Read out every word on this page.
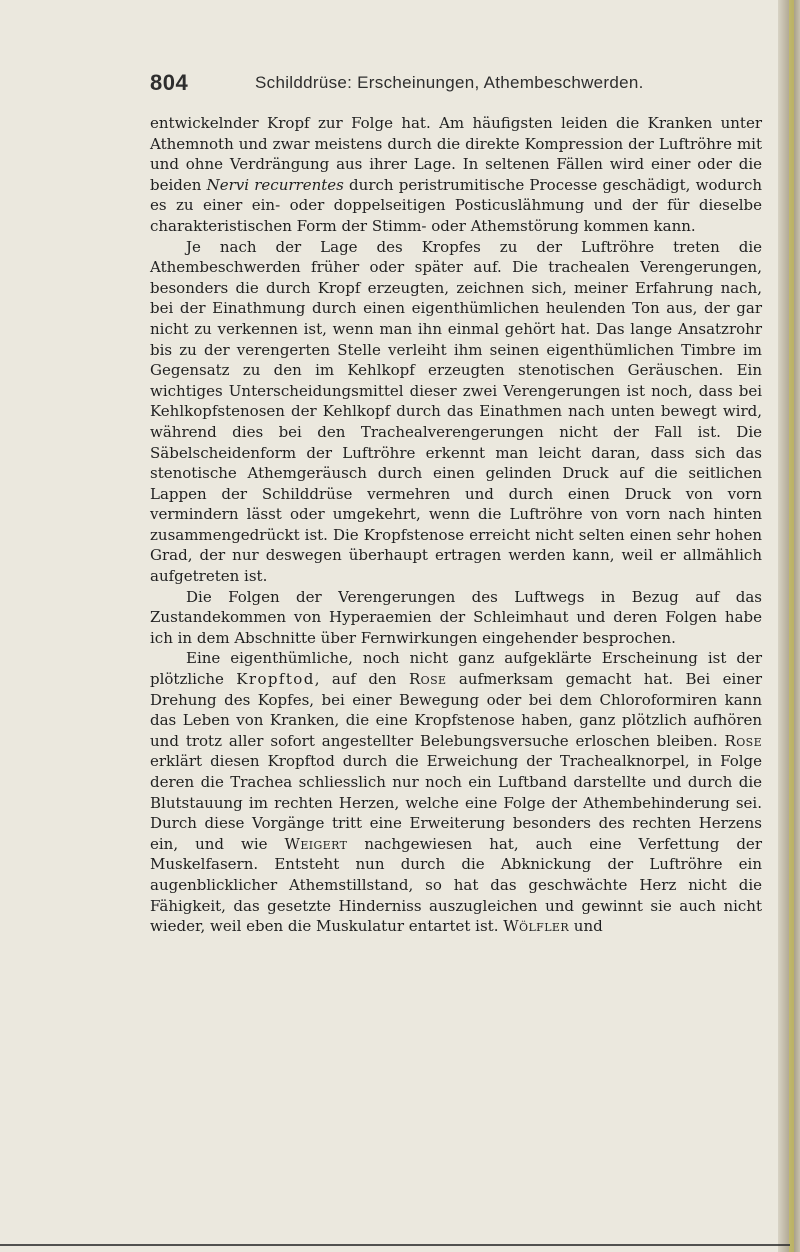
804	Schilddrüse: Erscheinungen, Athembeschwerden.

entwickelnder Kropf zur Folge hat. Am häufigsten leiden die Kranken unter Athemnoth und zwar meistens durch die direkte Kompression der Luftröhre mit und ohne Verdrängung aus ihrer Lage. In seltenen Fällen wird einer oder die beiden Nervi recurrentes durch peristrumitische Processe geschädigt, wodurch es zu einer ein- oder doppelseitigen Posticuslähmung und der für dieselbe charakteristischen Form der Stimm- oder Athemstörung kommen kann.

Je nach der Lage des Kropfes zu der Luftröhre treten die Athembeschwerden früher oder später auf. Die trachealen Verengerungen, besonders die durch Kropf erzeugten, zeichnen sich, meiner Erfahrung nach, bei der Einathmung durch einen eigenthümlichen heulenden Ton aus, der gar nicht zu verkennen ist, wenn man ihn einmal gehört hat. Das lange Ansatzrohr bis zu der verengerten Stelle verleiht ihm seinen eigenthümlichen Timbre im Gegensatz zu den im Kehlkopf erzeugten stenotischen Geräuschen. Ein wichtiges Unterscheidungsmittel dieser zwei Verengerungen ist noch, dass bei Kehlkopfstenosen der Kehlkopf durch das Einathmen nach unten bewegt wird, während dies bei den Trachealverengerungen nicht der Fall ist. Die Säbelscheidenform der Luftröhre erkennt man leicht daran, dass sich das stenotische Athemgeräusch durch einen gelinden Druck auf die seitlichen Lappen der Schilddrüse vermehren und durch einen Druck von vorn vermindern lässt oder umgekehrt, wenn die Luftröhre von vorn nach hinten zusammengedrückt ist. Die Kropfstenose erreicht nicht selten einen sehr hohen Grad, der nur deswegen überhaupt ertragen werden kann, weil er allmählich aufgetreten ist.

Die Folgen der Verengerungen des Luftwegs in Bezug auf das Zustandekommen von Hyperaemien der Schleimhaut und deren Folgen habe ich in dem Abschnitte über Fernwirkungen eingehender besprochen.

Eine eigenthümliche, noch nicht ganz aufgeklärte Erscheinung ist der plötzliche Kropftod, auf den Rose aufmerksam gemacht hat. Bei einer Drehung des Kopfes, bei einer Bewegung oder bei dem Chloroformiren kann das Leben von Kranken, die eine Kropfstenose haben, ganz plötzlich aufhören und trotz aller sofort angestellter Belebungsversuche erloschen bleiben. Rose erklärt diesen Kropftod durch die Erweichung der Trachealknorpel, in Folge deren die Trachea schliesslich nur noch ein Luftband darstellte und durch die Blutstauung im rechten Herzen, welche eine Folge der Athembehinderung sei. Durch diese Vorgänge tritt eine Erweiterung besonders des rechten Herzens ein, und wie Weigert nachgewiesen hat, auch eine Verfettung der Muskelfasern. Entsteht nun durch die Abknickung der Luftröhre ein augenblicklicher Athemstillstand, so hat das geschwächte Herz nicht die Fähigkeit, das gesetzte Hinderniss auszugleichen und gewinnt sie auch nicht wieder, weil eben die Muskulatur entartet ist. Wölfler und
